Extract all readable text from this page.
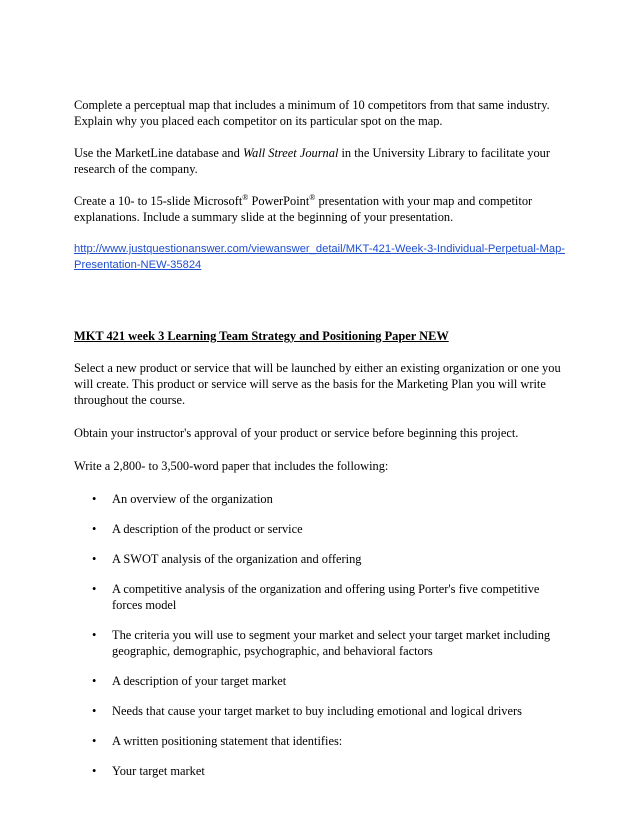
Complete a perceptual map that includes a minimum of 10 competitors from that same industry. Explain why you placed each competitor on its particular spot on the map.

Use the MarketLine database and Wall Street Journal in the University Library to facilitate your research of the company.

Create a 10- to 15-slide Microsoft® PowerPoint® presentation with your map and competitor explanations. Include a summary slide at the beginning of your presentation.

http://www.justquestionanswer.com/viewanswer_detail/MKT-421-Week-3-Individual-Perpetual-Map-Presentation-NEW-35824

MKT 421 week 3 Learning Team Strategy and Positioning Paper NEW

Select a new product or service that will be launched by either an existing organization or one you will create. This product or service will serve as the basis for the Marketing Plan you will write throughout the course.

Obtain your instructor's approval of your product or service before beginning this project.

Write a 2,800- to 3,500-word paper that includes the following:

• An overview of the organization
• A description of the product or service
• A SWOT analysis of the organization and offering
• A competitive analysis of the organization and offering using Porter's five competitive forces model
• The criteria you will use to segment your market and select your target market including geographic, demographic, psychographic, and behavioral factors
• A description of your target market
• Needs that cause your target market to buy including emotional and logical drivers
• A written positioning statement that identifies:
• Your target market
